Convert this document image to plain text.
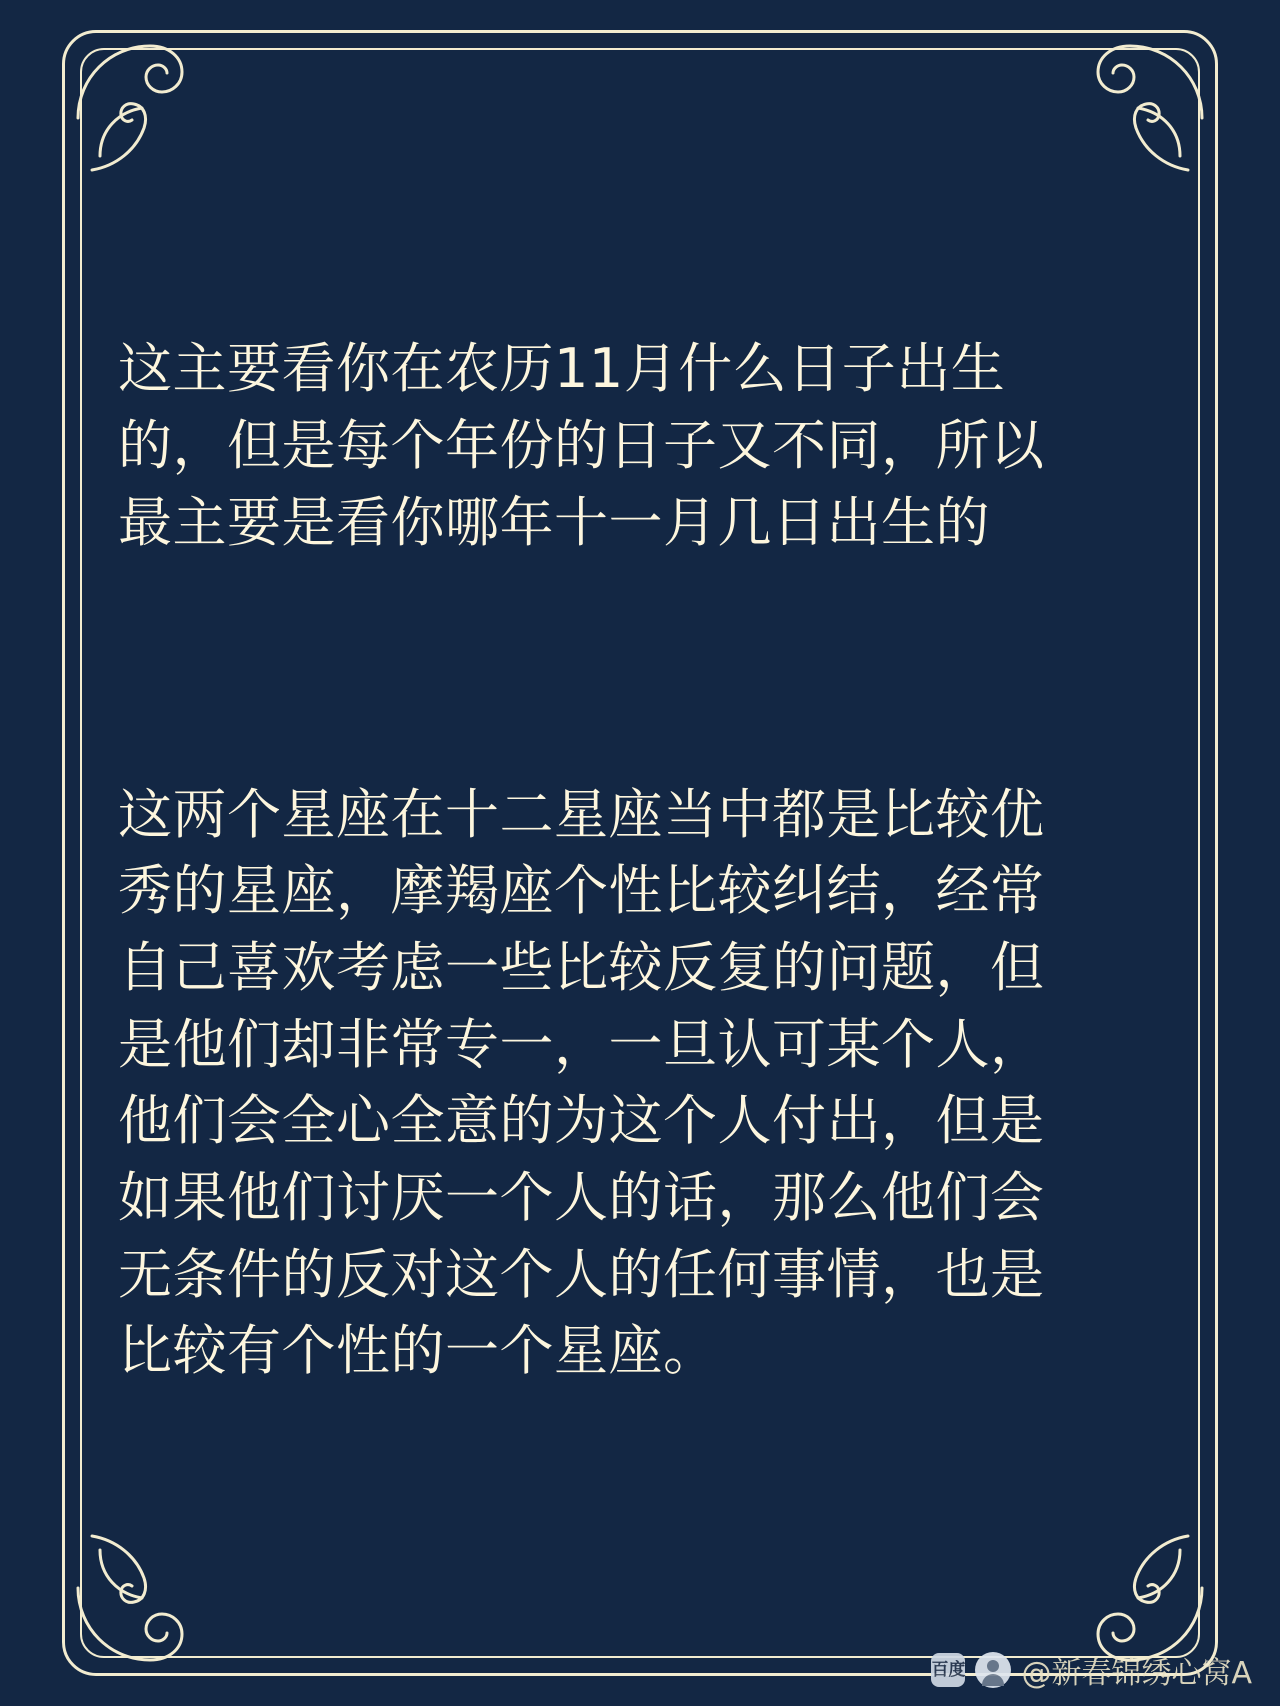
这主要看你在农历11月什么日子出生的，但是每个年份的日子又不同，所以最主要是看你哪年十一月几日出生的

这两个星座在十二星座当中都是比较优秀的星座，摩羯座个性比较纠结，经常自己喜欢考虑一些比较反复的问题，但是他们却非常专一，一旦认可某个人，他们会全心全意的为这个人付出，但是如果他们讨厌一个人的话，那么他们会无条件的反对这个人的任何事情，也是比较有个性的一个星座。

百度 @新春锦绣心窝A
